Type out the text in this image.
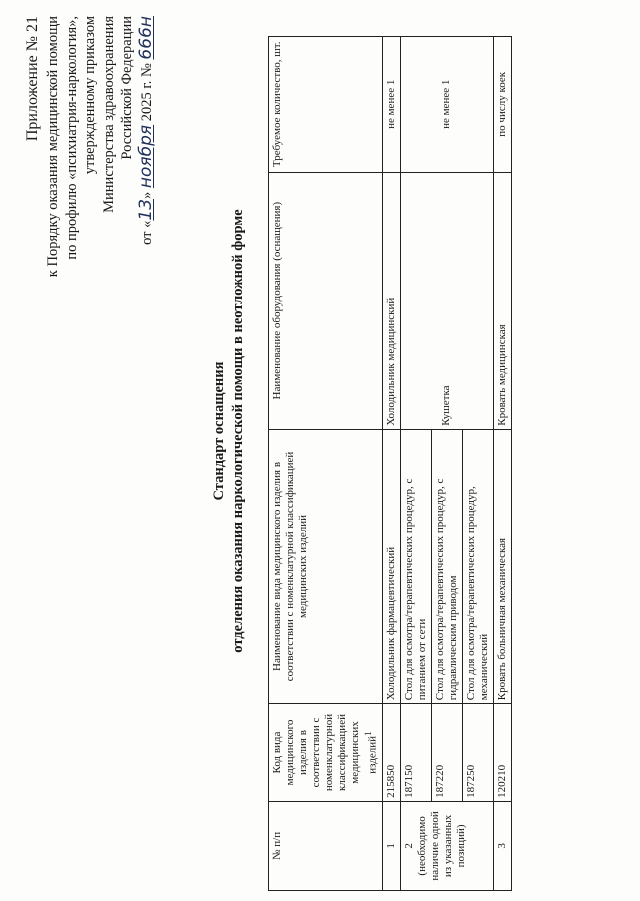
Приложение № 21 к Порядку оказания медицинской помощи по профилю «психиатрия-наркология», утвержденному приказом Министерства здравоохранения Российской Федерации
от «13» ноября 2025 г. № 666н
Стандарт оснащения отделения оказания наркологической помощи в неотложной форме
№ п/п	Код вида медицинского изделия в соответствии с номенклатурной классификацией медицинских изделий$^1$	Наименование вида медицинского изделия в соответствии с номенклатурной классификацией медицинских изделий	Наименование оборудования (оснащения)	Требуемое количество, шт.
1	215850	Холодильник фармацевтический	Холодильник медицинский	не менее 1

2 (необходимо наличие одной из указанных позиций)	187150	Стол для осмотра/терапевтических процедур, с питанием от сети	Кушетка	не менее 1
	187220	Стол для осмотра/терапевтических процедур, с гидравлическим приводом		
	187250	Стол для осмотра/терапевтических процедур, механический		
3	120210	Кровать больничная механическая	Кровать медицинская	по числу коек
